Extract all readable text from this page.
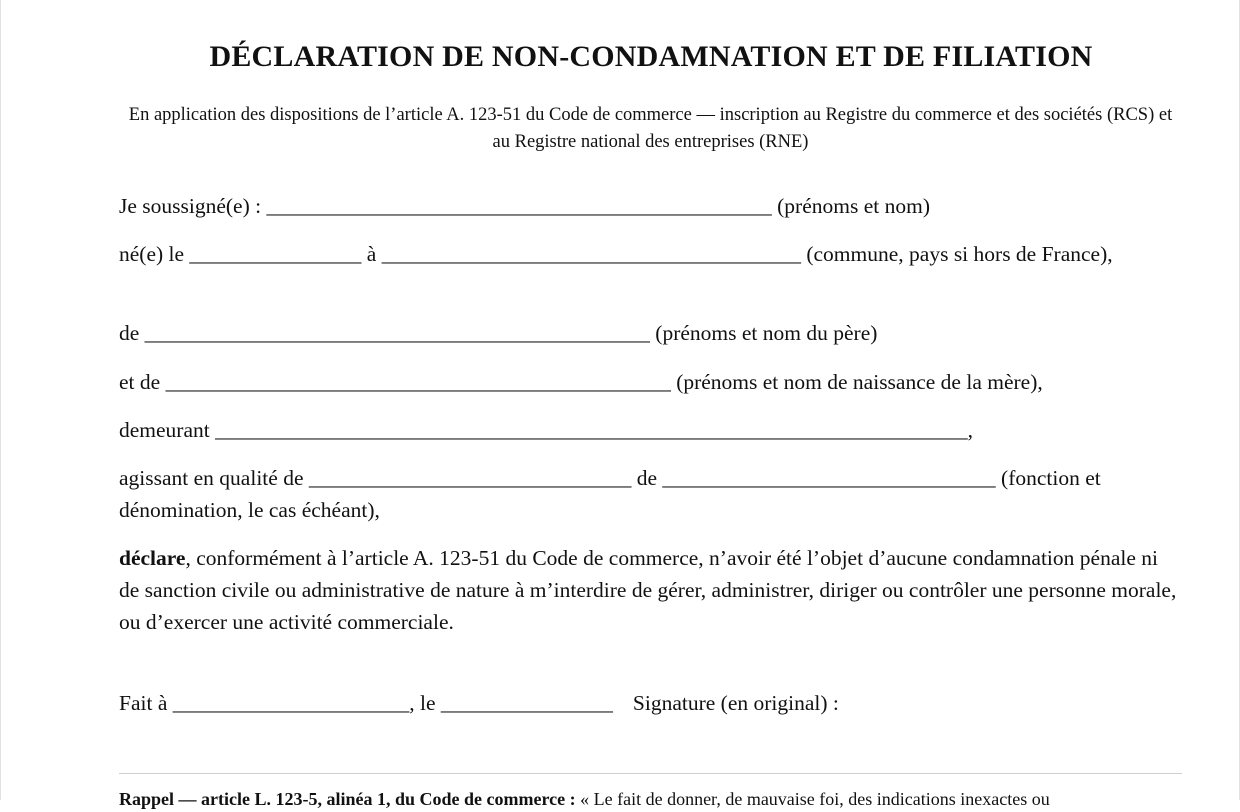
DÉCLARATION DE NON-CONDAMNATION ET DE FILIATION
En application des dispositions de l’article A. 123-51 du Code de commerce — inscription au Registre du commerce et des sociétés (RCS) et au Registre national des entreprises (RNE)
Je soussigné(e) : _______________________________________________ (prénoms et nom)
né(e) le ________________ à _______________________________________ (commune, pays si hors de France),
de _______________________________________________ (prénoms et nom du père)
et de _______________________________________________ (prénoms et nom de naissance de la mère),
demeurant ______________________________________________________________________,
agissant en qualité de ______________________________ de _______________________________ (fonction et dénomination, le cas échéant),
déclare, conformément à l’article A. 123-51 du Code de commerce, n’avoir été l’objet d’aucune condamnation pénale ni de sanction civile ou administrative de nature à m’interdire de gérer, administrer, diriger ou contrôler une personne morale, ou d’exercer une activité commerciale.
Fait à ______________________, le ________________ Signature (en original) :
Rappel — article L. 123-5, alinéa 1, du Code de commerce : « Le fait de donner, de mauvaise foi, des indications inexactes ou
